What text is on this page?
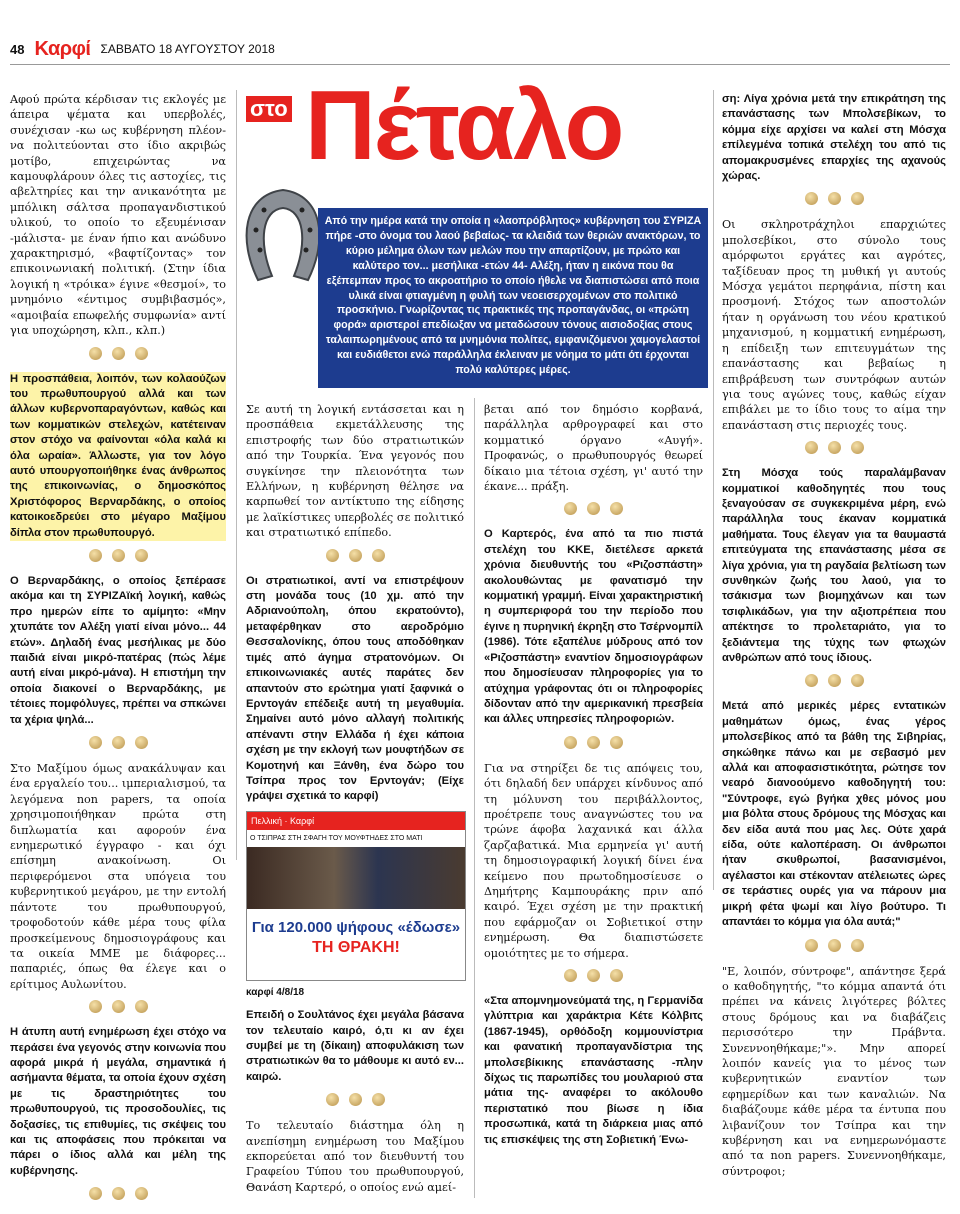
48 Καρφί ΣΑΒΒΑΤΟ 18 ΑΥΓΟΥΣΤΟΥ 2018
Πέταλο
στο
Από την ημέρα κατά την οποία η «λαοπρόβλητος» κυβέρνηση του ΣΥΡΙΖΑ πήρε -στο όνομα του λαού βεβαίως- τα κλειδιά των θεριών ανακτόρων, το κύριο μέλημα όλων των μελών που την απαρτίζουν, με πρώτο και καλύτερο τον... μεσήλικα -ετών 44- Αλέξη, ήταν η εικόνα που θα εξέπεμπαν προς το ακροατήριο το οποίο ήθελε να διαπιστώσει από ποια υλικά είναι φτιαγμένη η φυλή των νεοεισερχομένων στο πολιτικό προσκήνιο. Γνωρίζοντας τις πρακτικές της προπαγάνδας, οι «πρώτη φορά» αριστεροί επεδίωξαν να μεταδώσουν τόνους αισιοδοξίας στους ταλαιπωρημένους από τα μνημόνια πολίτες, εμφανιζόμενοι χαμογελαστοί και ευδιάθετοι ενώ παράλληλα έκλειναν με νόημα το μάτι ότι έρχονται πολύ καλύτερες μέρες.

Αφού πρώτα κέρδισαν τις εκλογές με άπειρα ψέματα και υπερβολές, συνέχισαν -κω ως κυβέρνηση πλέον- να πολιτεύονται στο ίδιο ακριβώς μοτίβο, επιχειρώντας να καμουφλάρουν όλες τις αστοχίες, τις αβελτηρίες και την ανικανότητα με μπόλικη σάλτσα προπαγανδιστικού υλικού, το οποίο το εξευμένισαν -μάλιστα- με έναν ήπιο και ανώδυνο χαρακτηρισμό, «βαφτίζοντας» τον επικοινωνιακή πολιτική. (Στην ίδια λογική η «τρόικα» έγινε «θεσμοί», το μνημόνιο «έντιμος συμβιβασμός», «αμοιβαία επωφελής συμφωνία» αντί για υποχώρηση, κλπ., κλπ.)

Η προσπάθεια, λοιπόν, των κολαούζων του πρωθυπουργού αλλά και των άλλων κυβερνοπαραγόντων, καθώς και των κομματικών στελεχών, κατέτειναν στον στόχο να φαίνονται «όλα καλά κι όλα ωραία». Άλλωστε, για τον λόγο αυτό υπουργοποιήθηκε ένας άνθρωπος της επικοινωνίας, ο δημοσκόπος Χριστόφορος Βερναρδάκης, ο οποίος κατοικοεδρεύει στο μέγαρο Μαξίμου δίπλα στον πρωθυπουργό.

Ο Βερναρδάκης, ο οποίος ξεπέρασε ακόμα και τη ΣΥΡΙΖΑϊκή λογική, καθώς προ ημερών είπε το αμίμητο: «Μην χτυπάτε τον Αλέξη γιατί είναι μόνο... 44 ετών». Δηλαδή ένας μεσήλικας με δύο παιδιά είναι μικρό-πατέρας (πώς λέμε αυτή είναι μικρό-μάνα). Η επιστήμη την οποία διακονεί ο Βερναρδάκης, με τέτοιες πομφόλυγες, πρέπει να σπκώνει τα χέρια ψηλά...

Στο Μαξίμου όμως ανακάλυψαν και ένα εργαλείο του... ιμπεριαλισμού, τα λεγόμενα non papers, τα οποία χρησιμοποιήθηκαν πρώτα στη διπλωματία και αφορούν ένα ενημερωτικό έγγραφο - και όχι επίσημη ανακοίνωση. Οι περιφερόμενοι στα υπόγεια του κυβερνητικού μεγάρου, με την εντολή πάντοτε του πρωθυπουργού, τροφοδοτούν κάθε μέρα τους φίλα προσκείμενους δημοσιογράφους και τα οικεία ΜΜΕ με διάφορες... παπαριές, όπως θα έλεγε και ο ερίτιμος Αυλωνίτου.

Η άτυπη αυτή ενημέρωση έχει στόχο να περάσει ένα γεγονός στην κοινωνία που αφορά μικρά ή μεγάλα, σημαντικά ή ασήμαντα θέματα, τα οποία έχουν σχέση με τις δραστηριότητες του πρωθυπουργού, τις προσοδουλίες, τις δοξασίες, τις επιθυμίες, τις σκέψεις του και τις αποφάσεις που πρόκειται να πάρει ο ίδιος αλλά και μέλη της κυβέρνησης.

Σε αυτή τη λογική εντάσσεται και η προσπάθεια εκμετάλλευσης της επιστροφής των δύο στρατιωτικών από την Τουρκία. Ένα γεγονός που συγκίνησε την πλειονότητα των Ελλήνων, η κυβέρνηση θέλησε να καρπωθεί τον αντίκτυπο της είδησης με λαϊκίστικες υπερβολές σε πολιτικό και στρατιωτικό επίπεδο.

Οι στρατιωτικοί, αντί να επιστρέψουν στη μονάδα τους (10 χμ. από την Αδριανούπολη, όπου εκρατούντο), μεταφέρθηκαν στο αεροδρόμιο Θεσσαλονίκης, όπου τους αποδόθηκαν τιμές από άγημα στρατονόμων. Οι επικοινωνιακές αυτές παράτες δεν απαντούν στο ερώτημα γιατί ξαφνικά ο Ερντογάν επέδειξε αυτή τη μεγαθυμία. Σημαίνει αυτό μόνο αλλαγή πολιτικής απέναντι στην Ελλάδα ή έχει κάποια σχέση με την εκλογή των μουφτήδων σε Κομοτηνή και Ξάνθη, ένα δώρο του Τσίπρα προς τον Ερντογάν; (Είχε γράψει σχετικά το καρφί)

Πελλική · Καρφί
Ο ΤΣΙΠΡΑΣ ΣΤΗ ΣΦΑΓΗ ΤΟΥ ΜΟΥΦΤΗΔΕΣ ΣΤΟ ΜΑΤΙ
Για 120.000 ψήφους «έδωσε»
ΤΗ ΘΡΑΚΗ!
καρφί 4/8/18

Επειδή ο Σουλτάνος έχει μεγάλα βάσανα τον τελευταίο καιρό, ό,τι κι αν έχει συμβεί με τη (δίκαιη) αποφυλάκιση των στρατιωτικών θα το μάθουμε κι αυτό εν... καιρώ.

Το τελευταίο διάστημα όλη η ανεπίσημη ενημέρωση του Μαξίμου εκπορεύεται από τον διευθυντή του Γραφείου Τύπου του πρωθυπουργού, Θανάση Καρτερό, ο οποίος ενώ αμεί-

βεται από τον δημόσιο κορβανά, παράλληλα αρθρογραφεί και στο κομματικό όργανο «Αυγή». Προφανώς, ο πρωθυπουργός θεωρεί δίκαιο μια τέτοια σχέση, γι' αυτό την έκανε... πράξη.

Ο Καρτερός, ένα από τα πιο πιστά στελέχη του ΚΚΕ, διετέλεσε αρκετά χρόνια διευθυντής του «Ριζοσπάστη» ακολουθώντας με φανατισμό την κομματική γραμμή. Είναι χαρακτηριστική η συμπεριφορά του την περίοδο που έγινε η πυρηνική έκρηξη στο Τσέρνομπίλ (1986). Τότε εξαπέλυε μύδρους από τον «Ριζοσπάστη» εναντίον δημοσιογράφων που δημοσίευσαν πληροφορίες για το ατύχημα γράφοντας ότι οι πληροφορίες δίδονταν από την αμερικανική πρεσβεία και άλλες υπηρεσίες πληροφοριών.

Για να στηρίξει δε τις απόψεις του, ότι δηλαδή δεν υπάρχει κίνδυνος από τη μόλυνση του περιβάλλοντος, προέτρεπε τους αναγνώστες του να τρώνε άφοβα λαχανικά και άλλα ζαρζαβατικά. Μια ερμηνεία γι' αυτή τη δημοσιογραφική λογική δίνει ένα κείμενο που πρωτοδημοσίευσε ο Δημήτρης Καμπουράκης πριν από καιρό. Έχει σχέση με την πρακτική που εφάρμοζαν οι Σοβιετικοί στην ενημέρωση. Θα διαπιστώσετε ομοιότητες με το σήμερα.

«Στα απομνημονεύματά της, η Γερμανίδα γλύπτρια και χαράκτρια Κέτε Κόλβιτς (1867-1945), ορθόδοξη κομμουνίστρια και φανατική προπαγανδίστρια της μπολσεβίκικης επανάστασης -πλην δίχως τις παρωπίδες του μουλαριού στα μάτια της- αναφέρει το ακόλουθο περιστατικό που βίωσε η ίδια προσωπικά, κατά τη διάρκεια μιας από τις επισκέψεις της στη Σοβιετική Ένω-

ση: Λίγα χρόνια μετά την επικράτηση της επανάστασης των Μπολσεβίκων, το κόμμα είχε αρχίσει να καλεί στη Μόσχα επίλεγμένα τοπικά στελέχη του από τις απομακρυσμένες επαρχίες της αχανούς χώρας.

Οι σκληροτράχηλοι επαρχιώτες μπολσεβίκοι, στο σύνολο τους αμόρφωτοι εργάτες και αγρότες, ταξίδευαν προς τη μυθική γι αυτούς Μόσχα γεμάτοι περηφάνια, πίστη και προσμονή. Στόχος των αποστολών ήταν η οργάνωση του νέου κρατικού μηχανισμού, η κομματική ενημέρωση, η επίδειξη των επιτευγμάτων της επανάστασης και βεβαίως η επιβράβευση των συντρόφων αυτών για τους αγώνες τους, καθώς είχαν επιβάλει με το ίδιο τους το αίμα την επανάσταση στις περιοχές τους.

Στη Μόσχα τούς παραλάμβαναν κομματικοί καθοδηγητές που τους ξεναγούσαν σε συγκεκριμένα μέρη, ενώ παράλληλα τους έκαναν κομματικά μαθήματα. Τους έλεγαν για τα θαυμαστά επιτεύγματα της επανάστασης μέσα σε λίγα χρόνια, για τη ραγδαία βελτίωση των συνθηκών ζωής του λαού, για το τσάκισμα των βιομηχάνων και των τσιφλικάδων, για την αξιοπρέπεια που απέκτησε το προλεταριάτο, για το ξεδιάντεμα της τύχης των φτωχών ανθρώπων από τους ίδιους.

Μετά από μερικές μέρες εντατικών μαθημάτων όμως, ένας γέρος μπολσεβίκος από τα βάθη της Σιβηρίας, σηκώθηκε πάνω και με σεβασμό μεν αλλά και αποφασιστικότητα, ρώτησε τον νεαρό διανοούμενο καθοδηγητή του: "Σύντροφε, εγώ βγήκα χθες μόνος μου μια βόλτα στους δρόμους της Μόσχας και δεν είδα αυτά που μας λες. Ούτε χαρά είδα, ούτε καλοπέραση. Οι άνθρωποι ήταν σκυθρωποί, βασανισμένοι, αγέλαστοι και στέκονταν ατέλειωτες ώρες σε τεράστιες ουρές για να πάρουν μια μικρή φέτα ψωμί και λίγο βούτυρο. Τι απαντάει το κόμμα για όλα αυτά;"

"Ε, λοιπόν, σύντροφε", απάντησε ξερά ο καθοδηγητής, "το κόμμα απαντά ότι πρέπει να κάνεις λιγότερες βόλτες στους δρόμους και να διαβάζεις περισσότερο την Πράβντα. Συνεννοηθήκαμε;"». Μην απορεί λοιπόν κανείς για το μένος των κυβερνητικών εναντίον των εφημερίδων και των καναλιών. Να διαβάζουμε κάθε μέρα τα έντυπα που λιβανίζουν τον Τσίπρα και την κυβέρνηση και να ενημερωνόμαστε από τα non papers. Συνεννοηθήκαμε, σύντροφοι;
